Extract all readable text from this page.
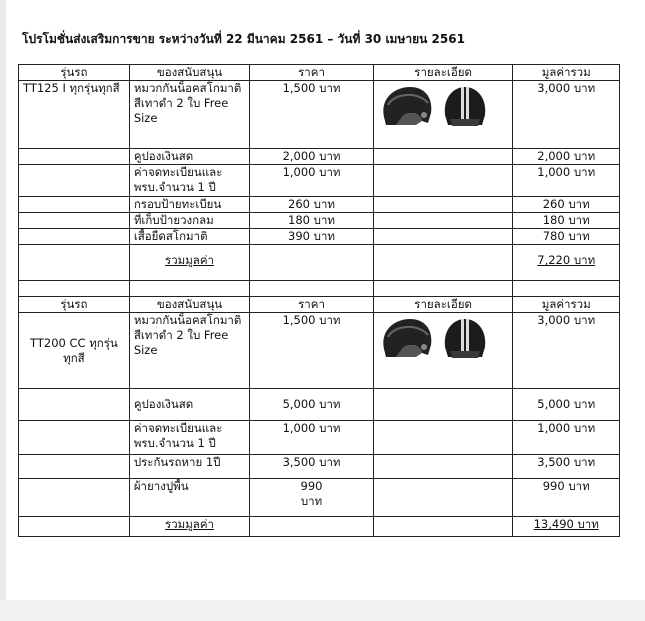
โปรโมชั่นส่งเสริมการขาย ระหว่างวันที่ 22 มีนาคม 2561 – วันที่ 30 เมษายน 2561
รุ่นรถ	ของสนับสนุน	ราคา	รายละเอียด	มูลค่ารวม
TT125 I ทุกรุ่นทุกสี	หมวกกันน็อคสโกมาติสีเทาดำ 2 ใบ Free Size	1,500 บาท		3,000 บาท
	คูปองเงินสด	2,000 บาท		2,000 บาท
	ค่าจดทะเบียนและพรบ.จำนวน 1 ปี	1,000 บาท		1,000 บาท
	กรอบป้ายทะเบียน	260 บาท		260 บาท
	ที่เก็บป้ายวงกลม	180 บาท		180 บาท
	เสื้อยืดสโกมาติ	390 บาท		780 บาท
	รวมมูลค่า			7,220 บาท

รุ่นรถ	ของสนับสนุน	ราคา	รายละเอียด	มูลค่ารวม
TT200 CC ทุกรุ่นทุกสี	หมวกกันน็อคสโกมาติสีเทาดำ 2 ใบ Free Size	1,500 บาท		3,000 บาท
	คูปองเงินสด	5,000 บาท		5,000 บาท
	ค่าจดทะเบียนและพรบ.จำนวน 1 ปี	1,000 บาท		1,000 บาท
	ประกันรถหาย 1ปี	3,500 บาท		3,500 บาท
	ผ้ายางปูพื้น	990 บาท		990 บาท
	รวมมูลค่า			13,490 บาท
